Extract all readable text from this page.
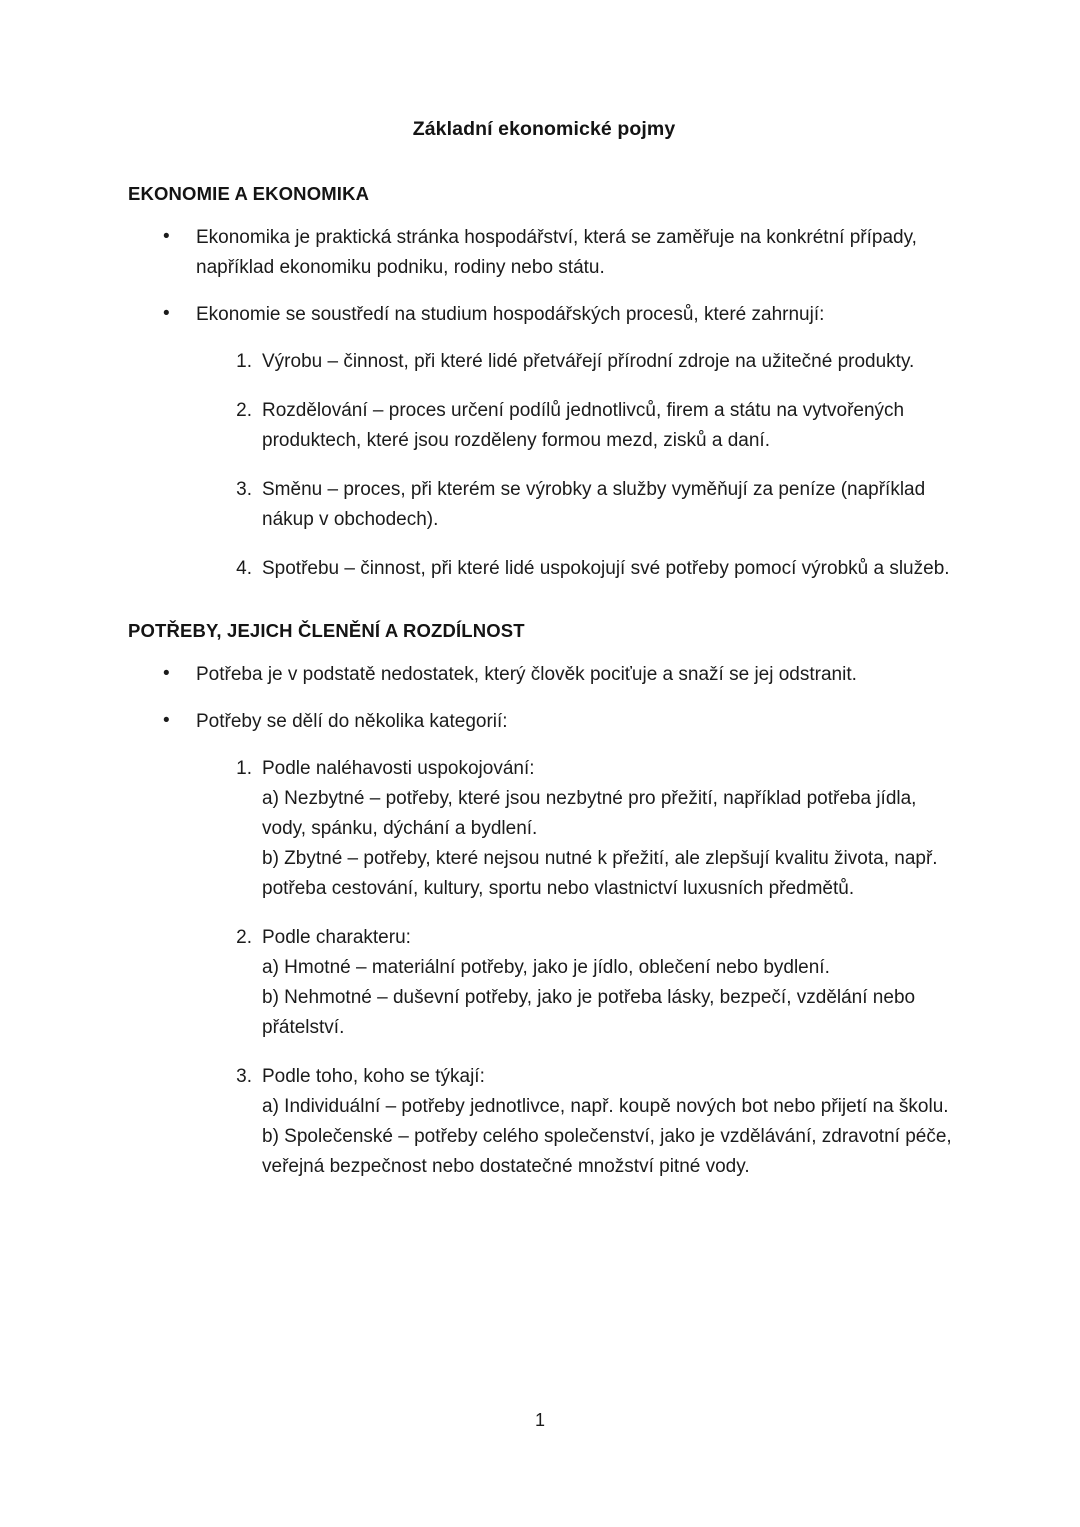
Základní ekonomické pojmy
EKONOMIE A EKONOMIKA
• Ekonomika je praktická stránka hospodářství, která se zaměřuje na konkrétní případy, například ekonomiku podniku, rodiny nebo státu.
• Ekonomie se soustředí na studium hospodářských procesů, které zahrnují:
1. Výrobu – činnost, při které lidé přetvářejí přírodní zdroje na užitečné produkty.
2. Rozdělování – proces určení podílů jednotlivců, firem a státu na vytvořených produktech, které jsou rozděleny formou mezd, zisků a daní.
3. Směnu – proces, při kterém se výrobky a služby vyměňují za peníze (například nákup v obchodech).
4. Spotřebu – činnost, při které lidé uspokojují své potřeby pomocí výrobků a služeb.
POTŘEBY, JEJICH ČLENĚNÍ A ROZDÍLNOST
• Potřeba je v podstatě nedostatek, který člověk pociťuje a snaží se jej odstranit.
• Potřeby se dělí do několika kategorií:
1. Podle naléhavosti uspokojování:
a) Nezbytné – potřeby, které jsou nezbytné pro přežití, například potřeba jídla, vody, spánku, dýchání a bydlení.
b) Zbytné – potřeby, které nejsou nutné k přežití, ale zlepšují kvalitu života, např. potřeba cestování, kultury, sportu nebo vlastnictví luxusních předmětů.
2. Podle charakteru:
a) Hmotné – materiální potřeby, jako je jídlo, oblečení nebo bydlení.
b) Nehmotné – duševní potřeby, jako je potřeba lásky, bezpečí, vzdělání nebo přátelství.
3. Podle toho, koho se týkají:
a) Individuální – potřeby jednotlivce, např. koupě nových bot nebo přijetí na školu.
b) Společenské – potřeby celého společenství, jako je vzdělávání, zdravotní péče, veřejná bezpečnost nebo dostatečné množství pitné vody.
1
